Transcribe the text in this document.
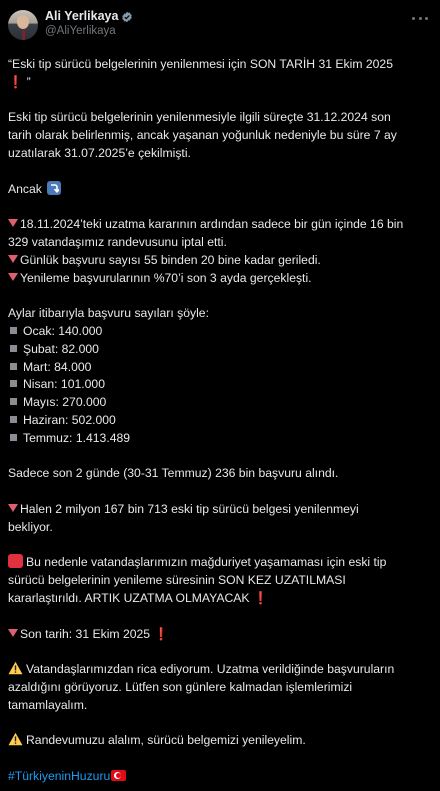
Ali Yerlikaya
@AliYerlikaya
“Eski tip sürücü belgelerinin yenilenmesi için SON TARİH 31 Ekim 2025
❗ ”
Eski tip sürücü belgelerinin yenilenmesiyle ilgili süreçte 31.12.2024 son
tarih olarak belirlenmiş, ancak yaşanan yoğunluk nedeniyle bu süre 7 ay
uzatılarak 31.07.2025’e çekilmişti.
Ancak
18.11.2024’teki uzatma kararının ardından sadece bir gün içinde 16 bin
329 vatandaşımız randevusunu iptal etti.
Günlük başvuru sayısı 55 binden 20 bine kadar geriledi.
Yenileme başvurularının %70’i son 3 ayda gerçekleşti.
Aylar itibarıyla başvuru sayıları şöyle:
Ocak: 140.000
Şubat: 82.000
Mart: 84.000
Nisan: 101.000
Mayıs: 270.000
Haziran: 502.000
Temmuz: 1.413.489
Sadece son 2 günde (30-31 Temmuz) 236 bin başvuru alındı.
Halen 2 milyon 167 bin 713 eski tip sürücü belgesi yenilenmeyi
bekliyor.
Bu nedenle vatandaşlarımızın mağduriyet yaşamaması için eski tip
sürücü belgelerinin yenileme süresinin SON KEZ UZATILMASI
kararlaştırıldı. ARTIK UZATMA OLMAYACAK ❗
Son tarih: 31 Ekim 2025 ❗
Vatandaşlarımızdan rica ediyorum. Uzatma verildiğinde başvuruların
azaldığını görüyoruz. Lütfen son günlere kalmadan işlemlerimizi
tamamlayalım.
Randevumuzu alalım, sürücü belgemizi yenileyelim.
#TürkiyeninHuzuru
